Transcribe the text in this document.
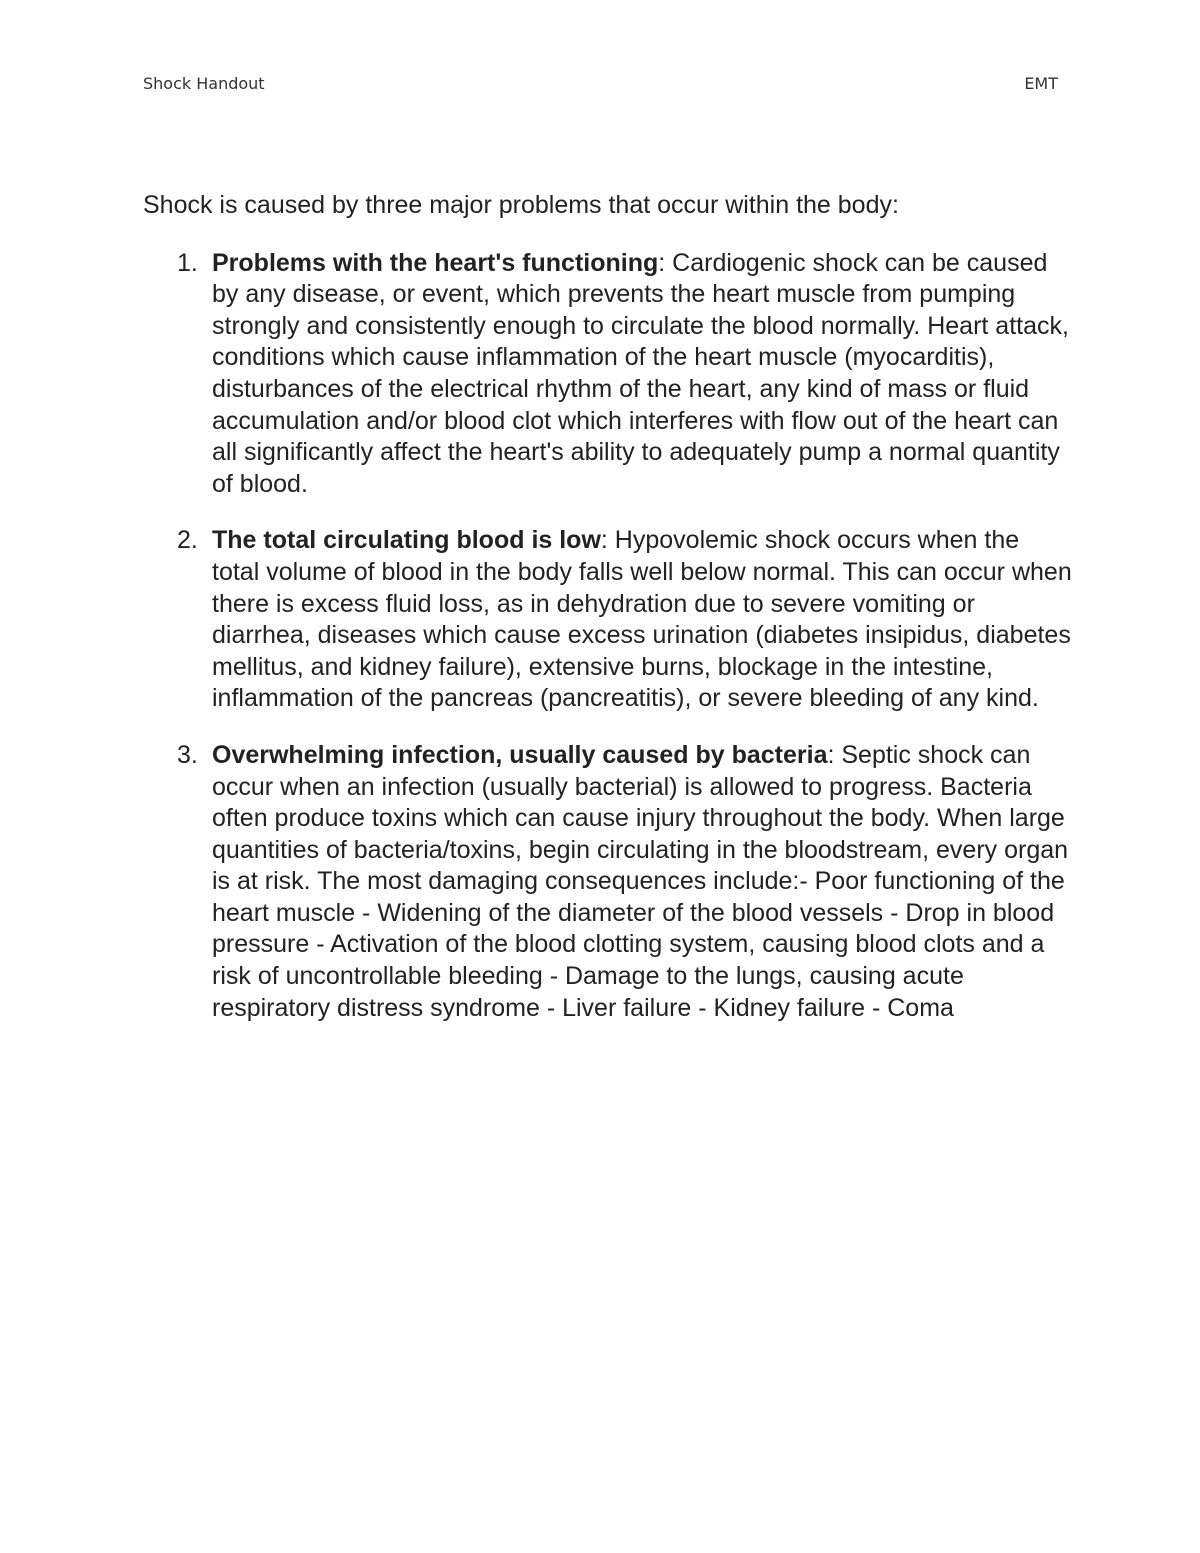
Shock Handout	EMT

Shock is caused by three major problems that occur within the body:

1. Problems with the heart's functioning: Cardiogenic shock can be caused by any disease, or event, which prevents the heart muscle from pumping strongly and consistently enough to circulate the blood normally. Heart attack, conditions which cause inflammation of the heart muscle (myocarditis), disturbances of the electrical rhythm of the heart, any kind of mass or fluid accumulation and/or blood clot which interferes with flow out of the heart can all significantly affect the heart's ability to adequately pump a normal quantity of blood.
2. The total circulating blood is low: Hypovolemic shock occurs when the total volume of blood in the body falls well below normal. This can occur when there is excess fluid loss, as in dehydration due to severe vomiting or diarrhea, diseases which cause excess urination (diabetes insipidus, diabetes mellitus, and kidney failure), extensive burns, blockage in the intestine, inflammation of the pancreas (pancreatitis), or severe bleeding of any kind.
3. Overwhelming infection, usually caused by bacteria: Septic shock can occur when an infection (usually bacterial) is allowed to progress. Bacteria often produce toxins which can cause injury throughout the body. When large quantities of bacteria/toxins, begin circulating in the bloodstream, every organ is at risk. The most damaging consequences include:- Poor functioning of the heart muscle - Widening of the diameter of the blood vessels - Drop in blood pressure - Activation of the blood clotting system, causing blood clots and a risk of uncontrollable bleeding - Damage to the lungs, causing acute respiratory distress syndrome - Liver failure - Kidney failure - Coma
